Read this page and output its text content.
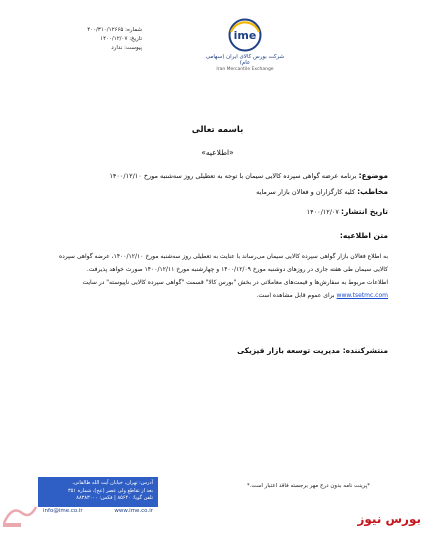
شماره: ۴۰۰/۳۱۰/۱۲۶۶۵
تاریخ: ۱۴۰۰/۱۲/۰۷
پیوست: ندارد
ime
شرکت بورس کالای ایران (سهامی عام)
Iran Mercantile Exchange
باسمه تعالی
«اطلاعیه»
موضوع: برنامه عرضه گواهی سپرده کالایی سیمان با توجه به تعطیلی روز سه‌شنبه مورخ ۱۴۰۰/۱۲/۱۰
مخاطب: کلیه کارگزاران و فعالان بازار سرمایه
تاریخ انتشار: ۱۴۰۰/۱۲/۰۷
متن اطلاعیه:
به اطلاع فعالان بازار گواهی سپرده کالایی سیمان می‌رساند با عنایت به تعطیلی روز سه‌شنبه مورخ ۱۴۰۰/۱۲/۱۰، عرضه گواهی سپرده کالایی سیمان طی هفته جاری در روزهای دوشنبه مورخ ۱۴۰۰/۱۲/۰۹ و چهارشنبه مورخ ۱۴۰۰/۱۲/۱۱ صورت خواهد پذیرفت.
اطلاعات مربوط به سفارش‌ها و قیمت‌های معاملاتی در بخش "بورس کالا" قسمت "گواهی سپرده کالایی ناپیوسته" در سایت www.tsetmc.com برای عموم قابل مشاهده است.
منتشرکننده: مدیریت توسعه بازار فیزیکی
*پرینت نامه بدون درج مهر برجسته فاقد اعتبار است.*
آدرس: تهران، خیابان آیت الله طالقانی،
بعد از تقاطع ولی عصر (عج)، شماره ۳۵۱
تلفن گویا: ۸۵۶۴۰ | فکس: ۸۸۳۸۳۰۰۰
info@ime.co.ir	www.ime.co.ir
بورس نیوز
